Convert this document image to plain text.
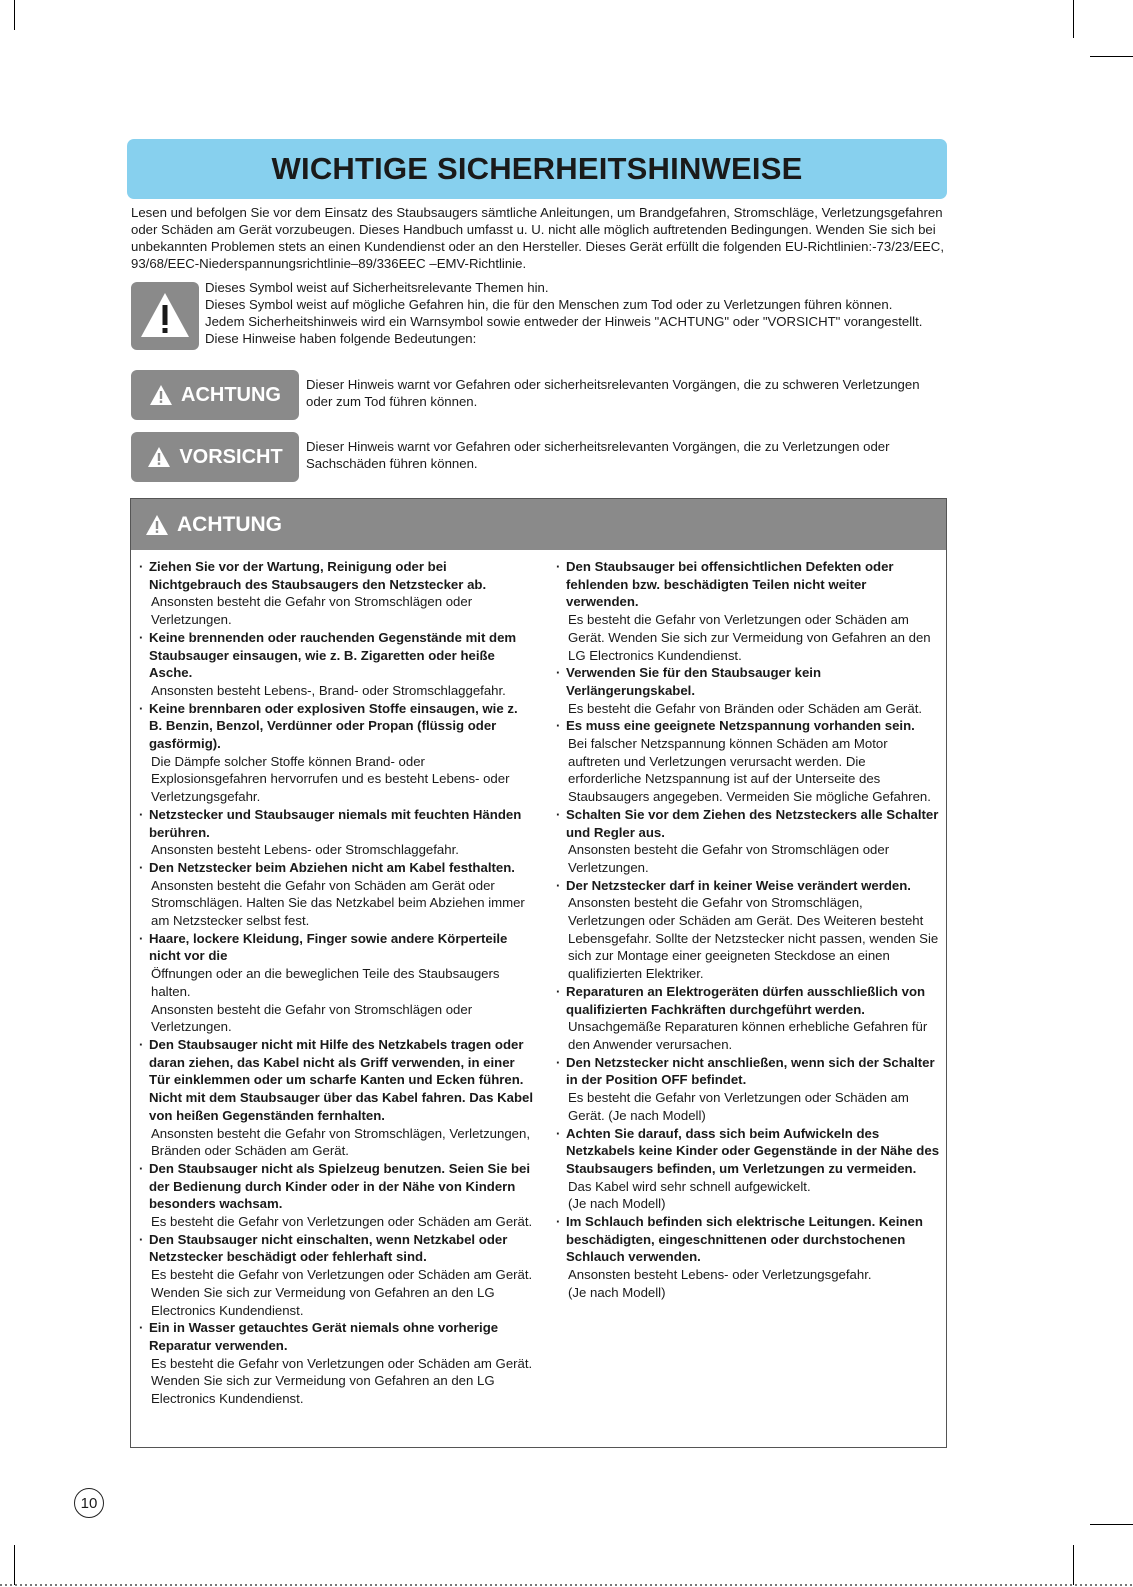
WICHTIGE SICHERHEITSHINWEISE

Lesen und befolgen Sie vor dem Einsatz des Staubsaugers sämtliche Anleitungen, um Brandgefahren, Stromschläge, Verletzungsgefahren oder Schäden am Gerät vorzubeugen. Dieses Handbuch umfasst u. U. nicht alle möglich auftretenden Bedingungen. Wenden Sie sich bei unbekannten Problemen stets an einen Kundendienst oder an den Hersteller. Dieses Gerät erfüllt die folgenden EU-Richtlinien:-73/23/EEC, 93/68/EEC-Niederspannungsrichtlinie–89/336EEC –EMV-Richtlinie.

Dieses Symbol weist auf Sicherheitsrelevante Themen hin.
Dieses Symbol weist auf mögliche Gefahren hin, die für den Menschen zum Tod oder zu Verletzungen führen können.
Jedem Sicherheitshinweis wird ein Warnsymbol sowie entweder der Hinweis "ACHTUNG" oder "VORSICHT" vorangestellt.
Diese Hinweise haben folgende Bedeutungen:
ACHTUNG Dieser Hinweis warnt vor Gefahren oder sicherheitsrelevanten Vorgängen, die zu schweren Verletzungen oder zum Tod führen können.
VORSICHT Dieser Hinweis warnt vor Gefahren oder sicherheitsrelevanten Vorgängen, die zu Verletzungen oder Sachschäden führen können.
ACHTUNG
· Ziehen Sie vor der Wartung, Reinigung oder bei Nichtgebrauch des Staubsaugers den Netzstecker ab.
Ansonsten besteht die Gefahr von Stromschlägen oder Verletzungen.
· Keine brennenden oder rauchenden Gegenstände mit dem Staubsauger einsaugen, wie z. B. Zigaretten oder heiße Asche.
Ansonsten besteht Lebens-, Brand- oder Stromschlaggefahr.
· Keine brennbaren oder explosiven Stoffe einsaugen, wie z. B. Benzin, Benzol, Verdünner oder Propan (flüssig oder gasförmig).
Die Dämpfe solcher Stoffe können Brand- oder Explosionsgefahren hervorrufen und es besteht Lebens- oder Verletzungsgefahr.
· Netzstecker und Staubsauger niemals mit feuchten Händen berühren.
Ansonsten besteht Lebens- oder Stromschlaggefahr.
· Den Netzstecker beim Abziehen nicht am Kabel festhalten.
Ansonsten besteht die Gefahr von Schäden am Gerät oder Stromschlägen. Halten Sie das Netzkabel beim Abziehen immer am Netzstecker selbst fest.
· Haare, lockere Kleidung, Finger sowie andere Körperteile nicht vor die
Öffnungen oder an die beweglichen Teile des Staubsaugers halten.
Ansonsten besteht die Gefahr von Stromschlägen oder Verletzungen.
· Den Staubsauger nicht mit Hilfe des Netzkabels tragen oder daran ziehen, das Kabel nicht als Griff verwenden, in einer Tür einklemmen oder um scharfe Kanten und Ecken führen. Nicht mit dem Staubsauger über das Kabel fahren. Das Kabel von heißen Gegenständen fernhalten.
Ansonsten besteht die Gefahr von Stromschlägen, Verletzungen, Bränden oder Schäden am Gerät.
· Den Staubsauger nicht als Spielzeug benutzen. Seien Sie bei der Bedienung durch Kinder oder in der Nähe von Kindern besonders wachsam.
Es besteht die Gefahr von Verletzungen oder Schäden am Gerät.
· Den Staubsauger nicht einschalten, wenn Netzkabel oder Netzstecker beschädigt oder fehlerhaft sind.
Es besteht die Gefahr von Verletzungen oder Schäden am Gerät. Wenden Sie sich zur Vermeidung von Gefahren an den LG Electronics Kundendienst.
· Ein in Wasser getauchtes Gerät niemals ohne vorherige Reparatur verwenden.
Es besteht die Gefahr von Verletzungen oder Schäden am Gerät. Wenden Sie sich zur Vermeidung von Gefahren an den LG Electronics Kundendienst.
· Den Staubsauger bei offensichtlichen Defekten oder fehlenden bzw. beschädigten Teilen nicht weiter verwenden.
Es besteht die Gefahr von Verletzungen oder Schäden am Gerät. Wenden Sie sich zur Vermeidung von Gefahren an den LG Electronics Kundendienst.
· Verwenden Sie für den Staubsauger kein Verlängerungskabel.
Es besteht die Gefahr von Bränden oder Schäden am Gerät.
· Es muss eine geeignete Netzspannung vorhanden sein.
Bei falscher Netzspannung können Schäden am Motor auftreten und Verletzungen verursacht werden. Die erforderliche Netzspannung ist auf der Unterseite des Staubsaugers angegeben. Vermeiden Sie mögliche Gefahren.
· Schalten Sie vor dem Ziehen des Netzsteckers alle Schalter und Regler aus.
Ansonsten besteht die Gefahr von Stromschlägen oder Verletzungen.
· Der Netzstecker darf in keiner Weise verändert werden.
Ansonsten besteht die Gefahr von Stromschlägen, Verletzungen oder Schäden am Gerät. Des Weiteren besteht Lebensgefahr. Sollte der Netzstecker nicht passen, wenden Sie sich zur Montage einer geeigneten Steckdose an einen qualifizierten Elektriker.
· Reparaturen an Elektrogeräten dürfen ausschließlich von qualifizierten Fachkräften durchgeführt werden.
Unsachgemäße Reparaturen können erhebliche Gefahren für den Anwender verursachen.
· Den Netzstecker nicht anschließen, wenn sich der Schalter in der Position OFF befindet.
Es besteht die Gefahr von Verletzungen oder Schäden am Gerät. (Je nach Modell)
· Achten Sie darauf, dass sich beim Aufwickeln des Netzkabels keine Kinder oder Gegenstände in der Nähe des Staubsaugers befinden, um Verletzungen zu vermeiden.
Das Kabel wird sehr schnell aufgewickelt.
(Je nach Modell)
· Im Schlauch befinden sich elektrische Leitungen. Keinen beschädigten, eingeschnittenen oder durchstochenen Schlauch verwenden.
Ansonsten besteht Lebens- oder Verletzungsgefahr.
(Je nach Modell)
10
